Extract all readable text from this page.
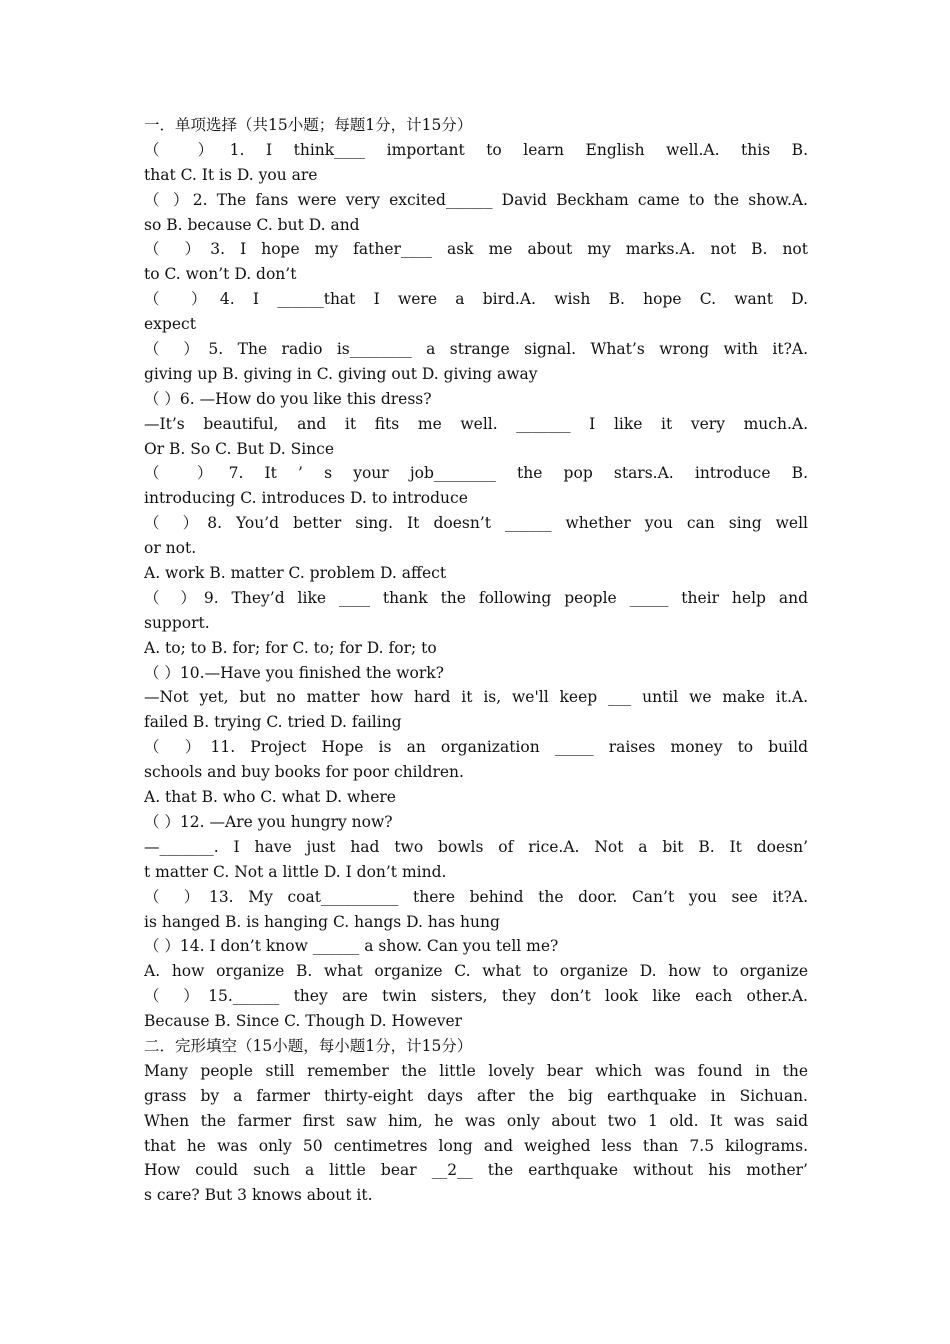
一．单项选择（共15小题；每题1分，计15分）
（ ）1. I think____ important to learn English well.A. this B.
that C. It is D. you are
（ ）2. The fans were very excited______ David Beckham came to the show.A.
so B. because C. but D. and
（ ）3. I hope my father____ ask me about my marks.A. not B. not
to C. won’t D. don’t
（ ）4. I ______that I were a bird.A. wish B. hope C. want D.
expect
（ ）5. The radio is________ a strange signal. What’s wrong with it?A.
giving up B. giving in C. giving out D. giving away
（ ）6. —How do you like this dress?
—It’s beautiful, and it fits me well. _______ I like it very much.A.
Or B. So C. But D. Since
（ ）7. It ’ s your job________ the pop stars.A. introduce B.
introducing C. introduces D. to introduce
（ ）8. You’d better sing. It doesn’t ______ whether you can sing well
or not.
A. work B. matter C. problem D. affect
（ ）9. They’d like ____ thank the following people _____ their help and
support.
A. to; to B. for; for C. to; for D. for; to
（ ）10.—Have you finished the work?
—Not yet, but no matter how hard it is, we'll keep ___ until we make it.A.
failed B. trying C. tried D. failing
（ ）11. Project Hope is an organization _____ raises money to build
schools and buy books for poor children.
A. that B. who C. what D. where
（ ）12. —Are you hungry now?
—_______. I have just had two bowls of rice.A. Not a bit B. It doesn’
t matter C. Not a little D. I don’t mind.
（ ）13. My coat__________ there behind the door. Can’t you see it?A.
is hanged B. is hanging C. hangs D. has hung
（ ）14. I don’t know ______ a show. Can you tell me?
A. how organize B. what organize C. what to organize D. how to organize
（ ）15.______ they are twin sisters, they don’t look like each other.A.
Because B. Since C. Though D. However
二．完形填空（15小题，每小题1分，计15分）
Many people still remember the little lovely bear which was found in the
grass by a farmer thirty-eight days after the big earthquake in Sichuan.
When the farmer first saw him, he was only about two 1 old. It was said
that he was only 50 centimetres long and weighed less than 7.5 kilograms.
How could such a little bear __2__ the earthquake without his mother’
s care? But 3 knows about it.
